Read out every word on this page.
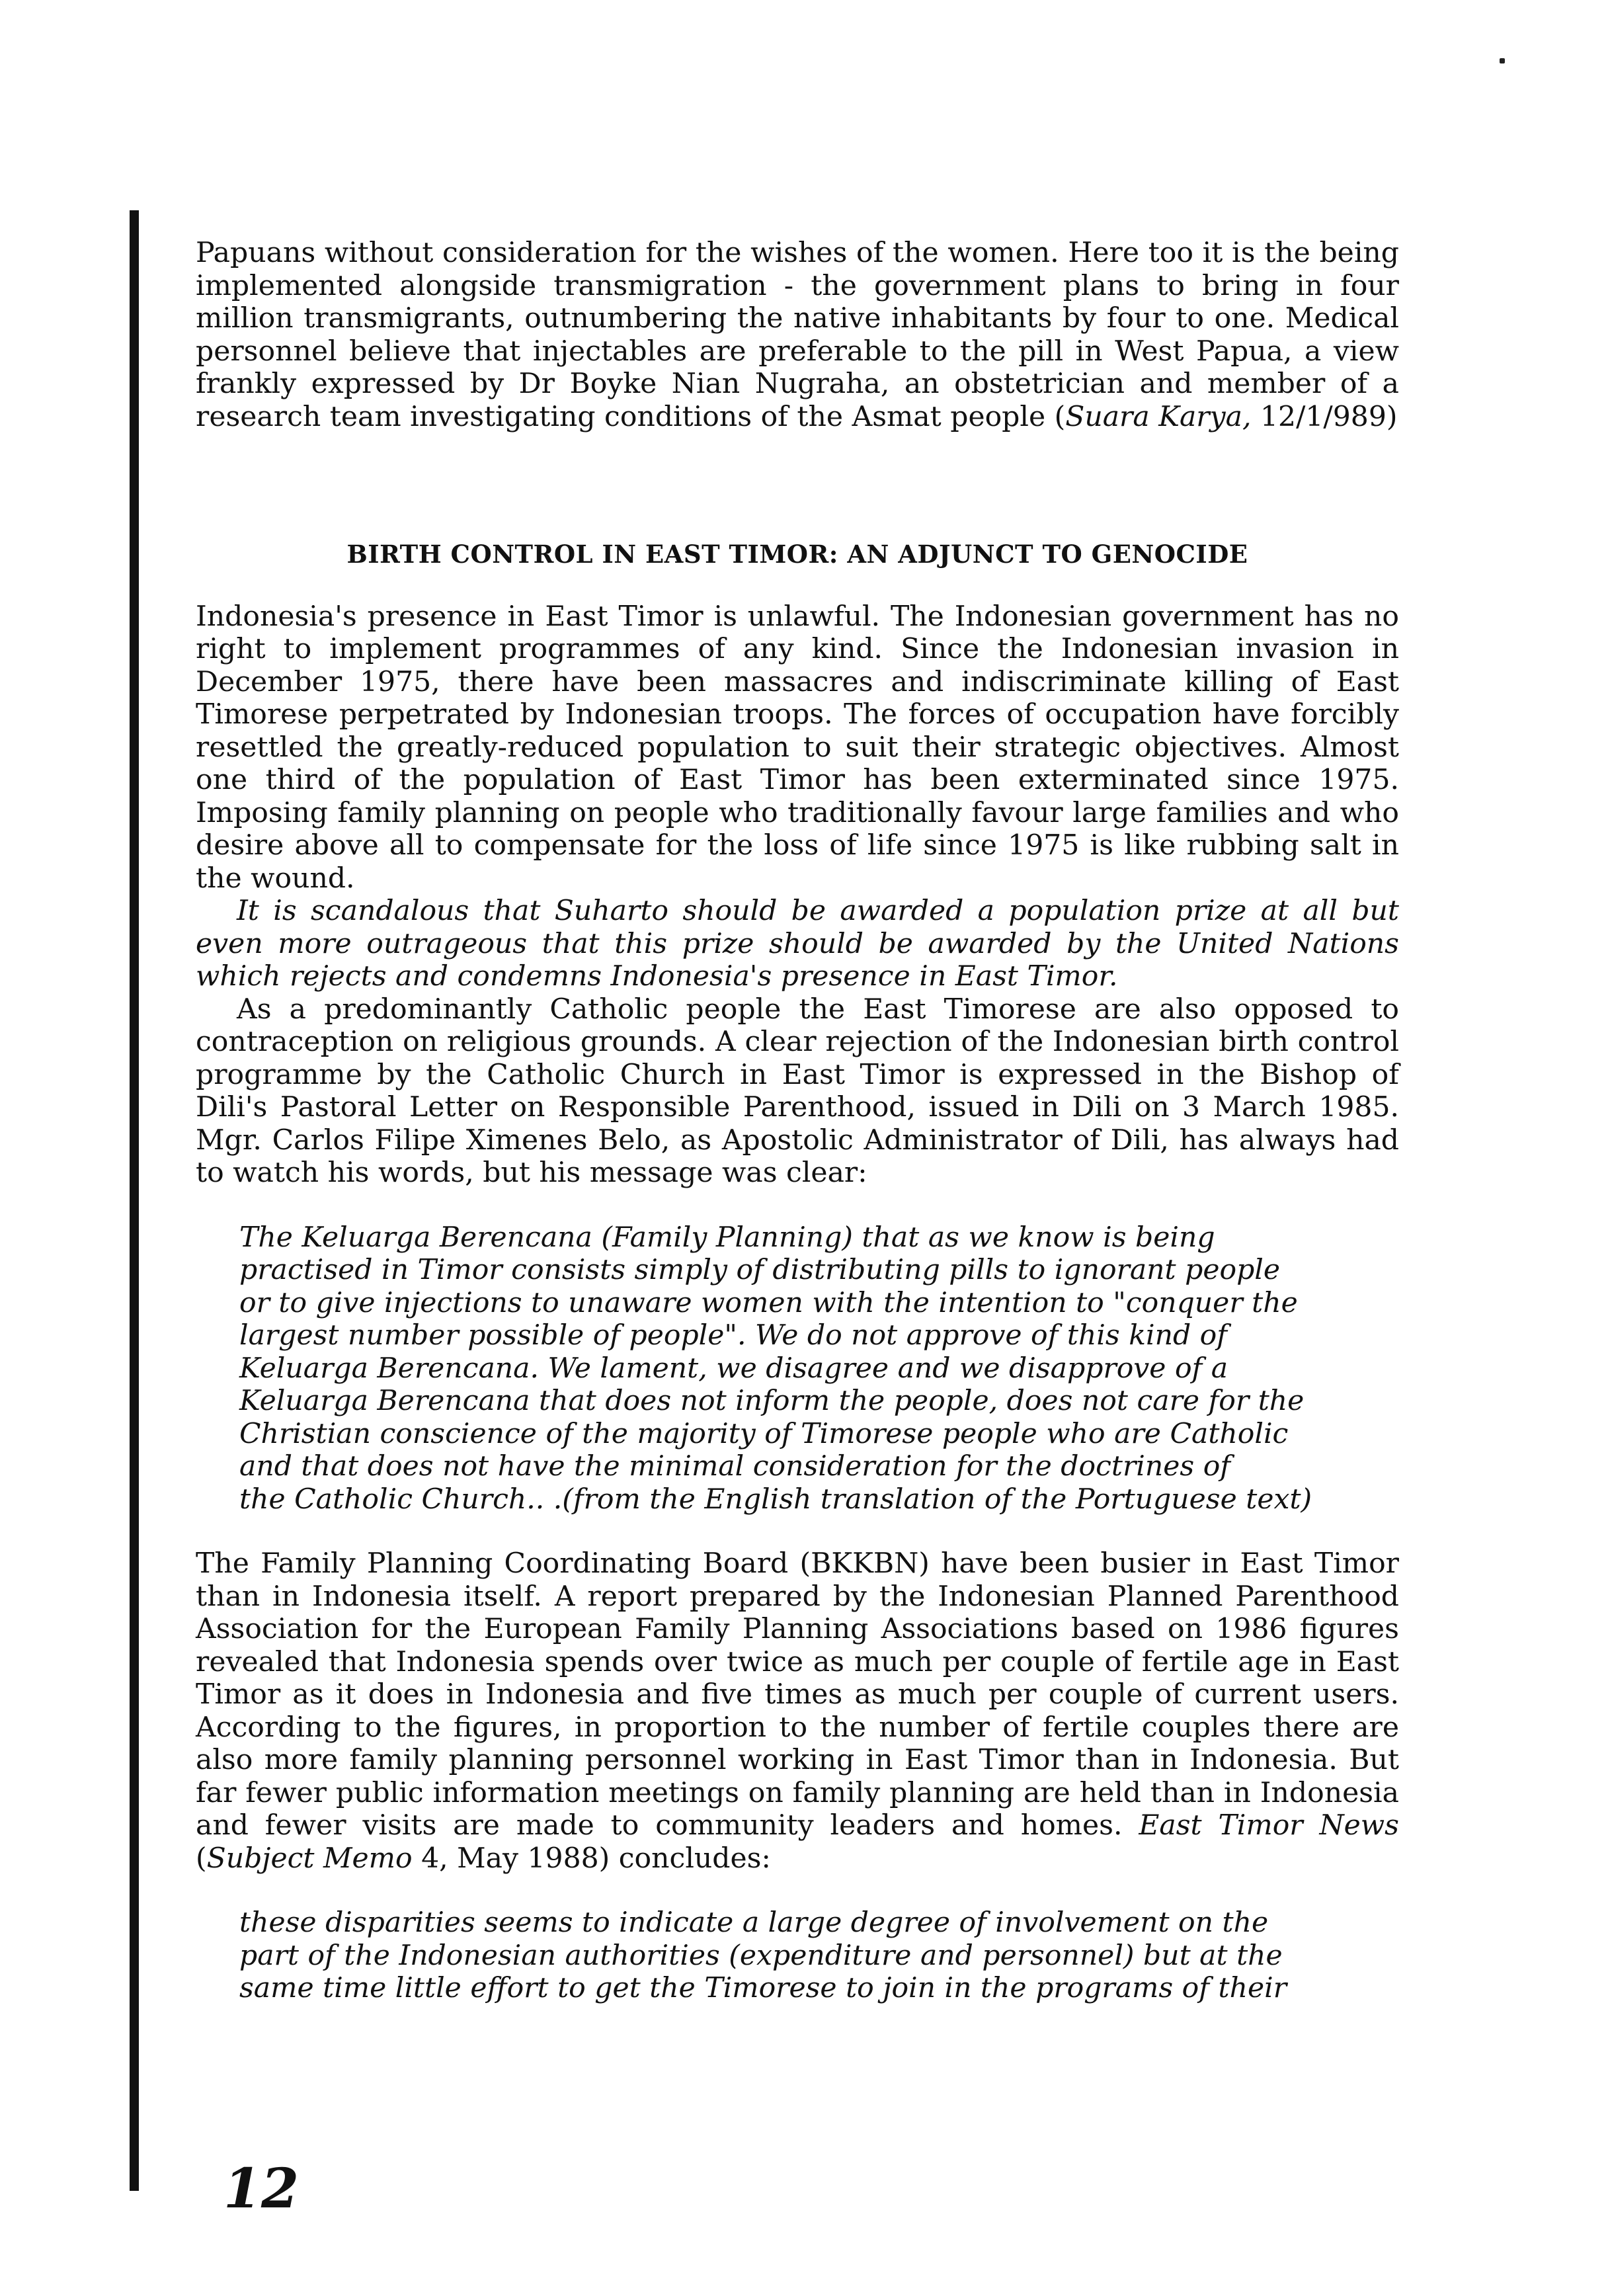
Papuans without consideration for the wishes of the women. Here too it is the being implemented alongside transmigration - the government plans to bring in four million transmigrants, outnumbering the native inhabitants by four to one. Medical personnel believe that injectables are preferable to the pill in West Papua, a view frankly expressed by Dr Boyke Nian Nugraha, an obstetrician and member of a research team investigating conditions of the Asmat people (Suara Karya, 12/1/989)

BIRTH CONTROL IN EAST TIMOR: AN ADJUNCT TO GENOCIDE

Indonesia's presence in East Timor is unlawful. The Indonesian government has no right to implement programmes of any kind. Since the Indonesian invasion in December 1975, there have been massacres and indiscriminate killing of East Timorese perpetrated by Indonesian troops. The forces of occupation have forcibly resettled the greatly-reduced population to suit their strategic objectives. Almost one third of the population of East Timor has been exterminated since 1975. Imposing family planning on people who traditionally favour large families and who desire above all to compensate for the loss of life since 1975 is like rubbing salt in the wound.

It is scandalous that Suharto should be awarded a population prize at all but even more outrageous that this prize should be awarded by the United Nations which rejects and condemns Indonesia's presence in East Timor.

As a predominantly Catholic people the East Timorese are also opposed to contraception on religious grounds. A clear rejection of the Indonesian birth control programme by the Catholic Church in East Timor is expressed in the Bishop of Dili's Pastoral Letter on Responsible Parenthood, issued in Dili on 3 March 1985. Mgr. Carlos Filipe Ximenes Belo, as Apostolic Administrator of Dili, has always had to watch his words, but his message was clear:

The Keluarga Berencana (Family Planning) that as we know is being
practised in Timor consists simply of distributing pills to ignorant people
or to give injections to unaware women with the intention to "conquer the
largest number possible of people". We do not approve of this kind of
Keluarga Berencana. We lament, we disagree and we disapprove of a
Keluarga Berencana that does not inform the people, does not care for the
Christian conscience of the majority of Timorese people who are Catholic
and that does not have the minimal consideration for the doctrines of
the Catholic Church.. .(from the English translation of the Portuguese text)

The Family Planning Coordinating Board (BKKBN) have been busier in East Timor than in Indonesia itself. A report prepared by the Indonesian Planned Parenthood Association for the European Family Planning Associations based on 1986 figures revealed that Indonesia spends over twice as much per couple of fertile age in East Timor as it does in Indonesia and five times as much per couple of current users. According to the figures, in proportion to the number of fertile couples there are also more family planning personnel working in East Timor than in Indonesia. But far fewer public information meetings on family planning are held than in Indonesia and fewer visits are made to community leaders and homes. East Timor News (Subject Memo 4, May 1988) concludes:

these disparities seems to indicate a large degree of involvement on the
part of the Indonesian authorities (expenditure and personnel) but at the
same time little effort to get the Timorese to join in the programs of their
12
